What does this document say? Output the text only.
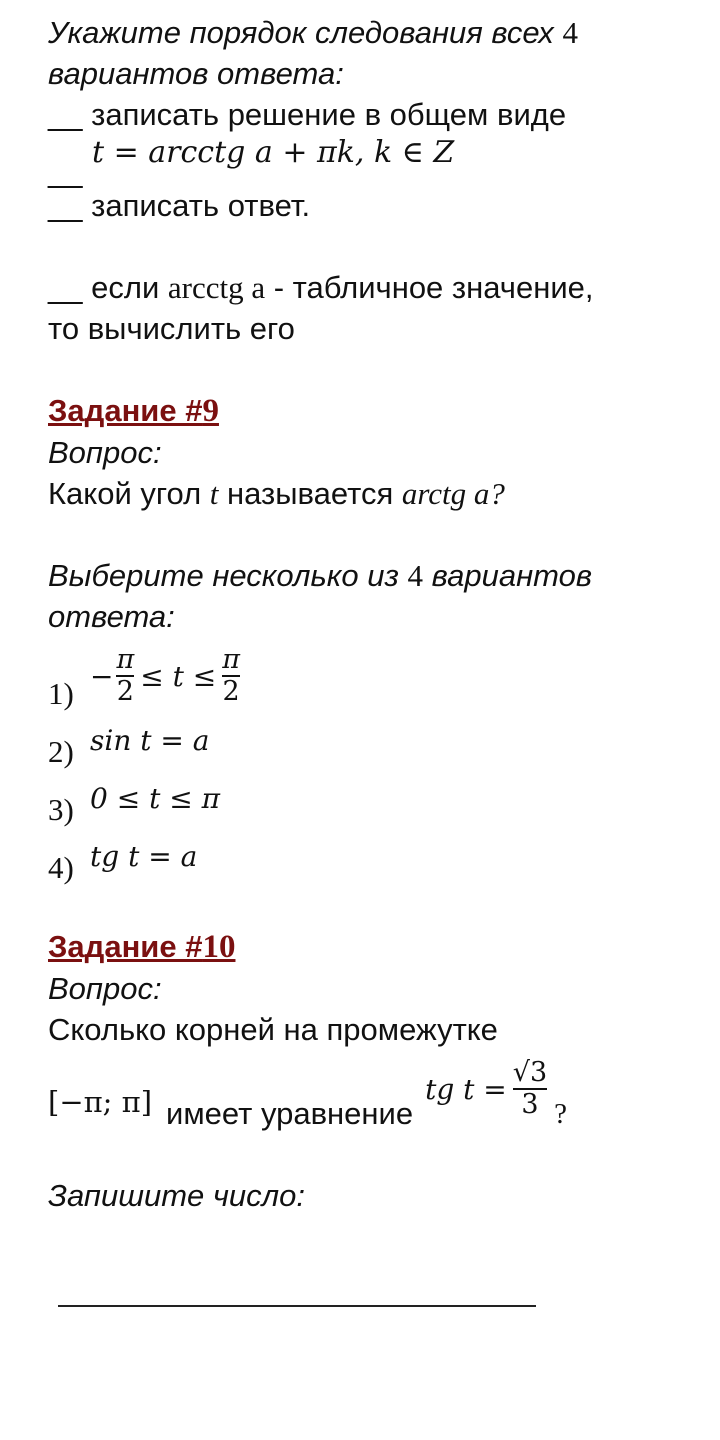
Укажите порядок следования всех 4
вариантов ответа:
__ записать решение в общем виде
t = arcctg a + πk, k ∈ Z
__
__ записать ответ.
__ если arcctg a - табличное значение,
то вычислить его
Задание #9
Вопрос:
Какой угол t называется arctg a?
Выберите несколько из 4 вариантов
ответа:
$1) - \frac{\pi}{2} \le t \le \frac{\pi}{2}$
2) sin t = a
3) 0 ≤ t ≤ π
4) tg t = a
Задание #10
Вопрос:
Сколько корней на промежутке
[−π; π] имеет уравнение
tg $t = \frac{√3}{3}$ ?
Запишите число:
